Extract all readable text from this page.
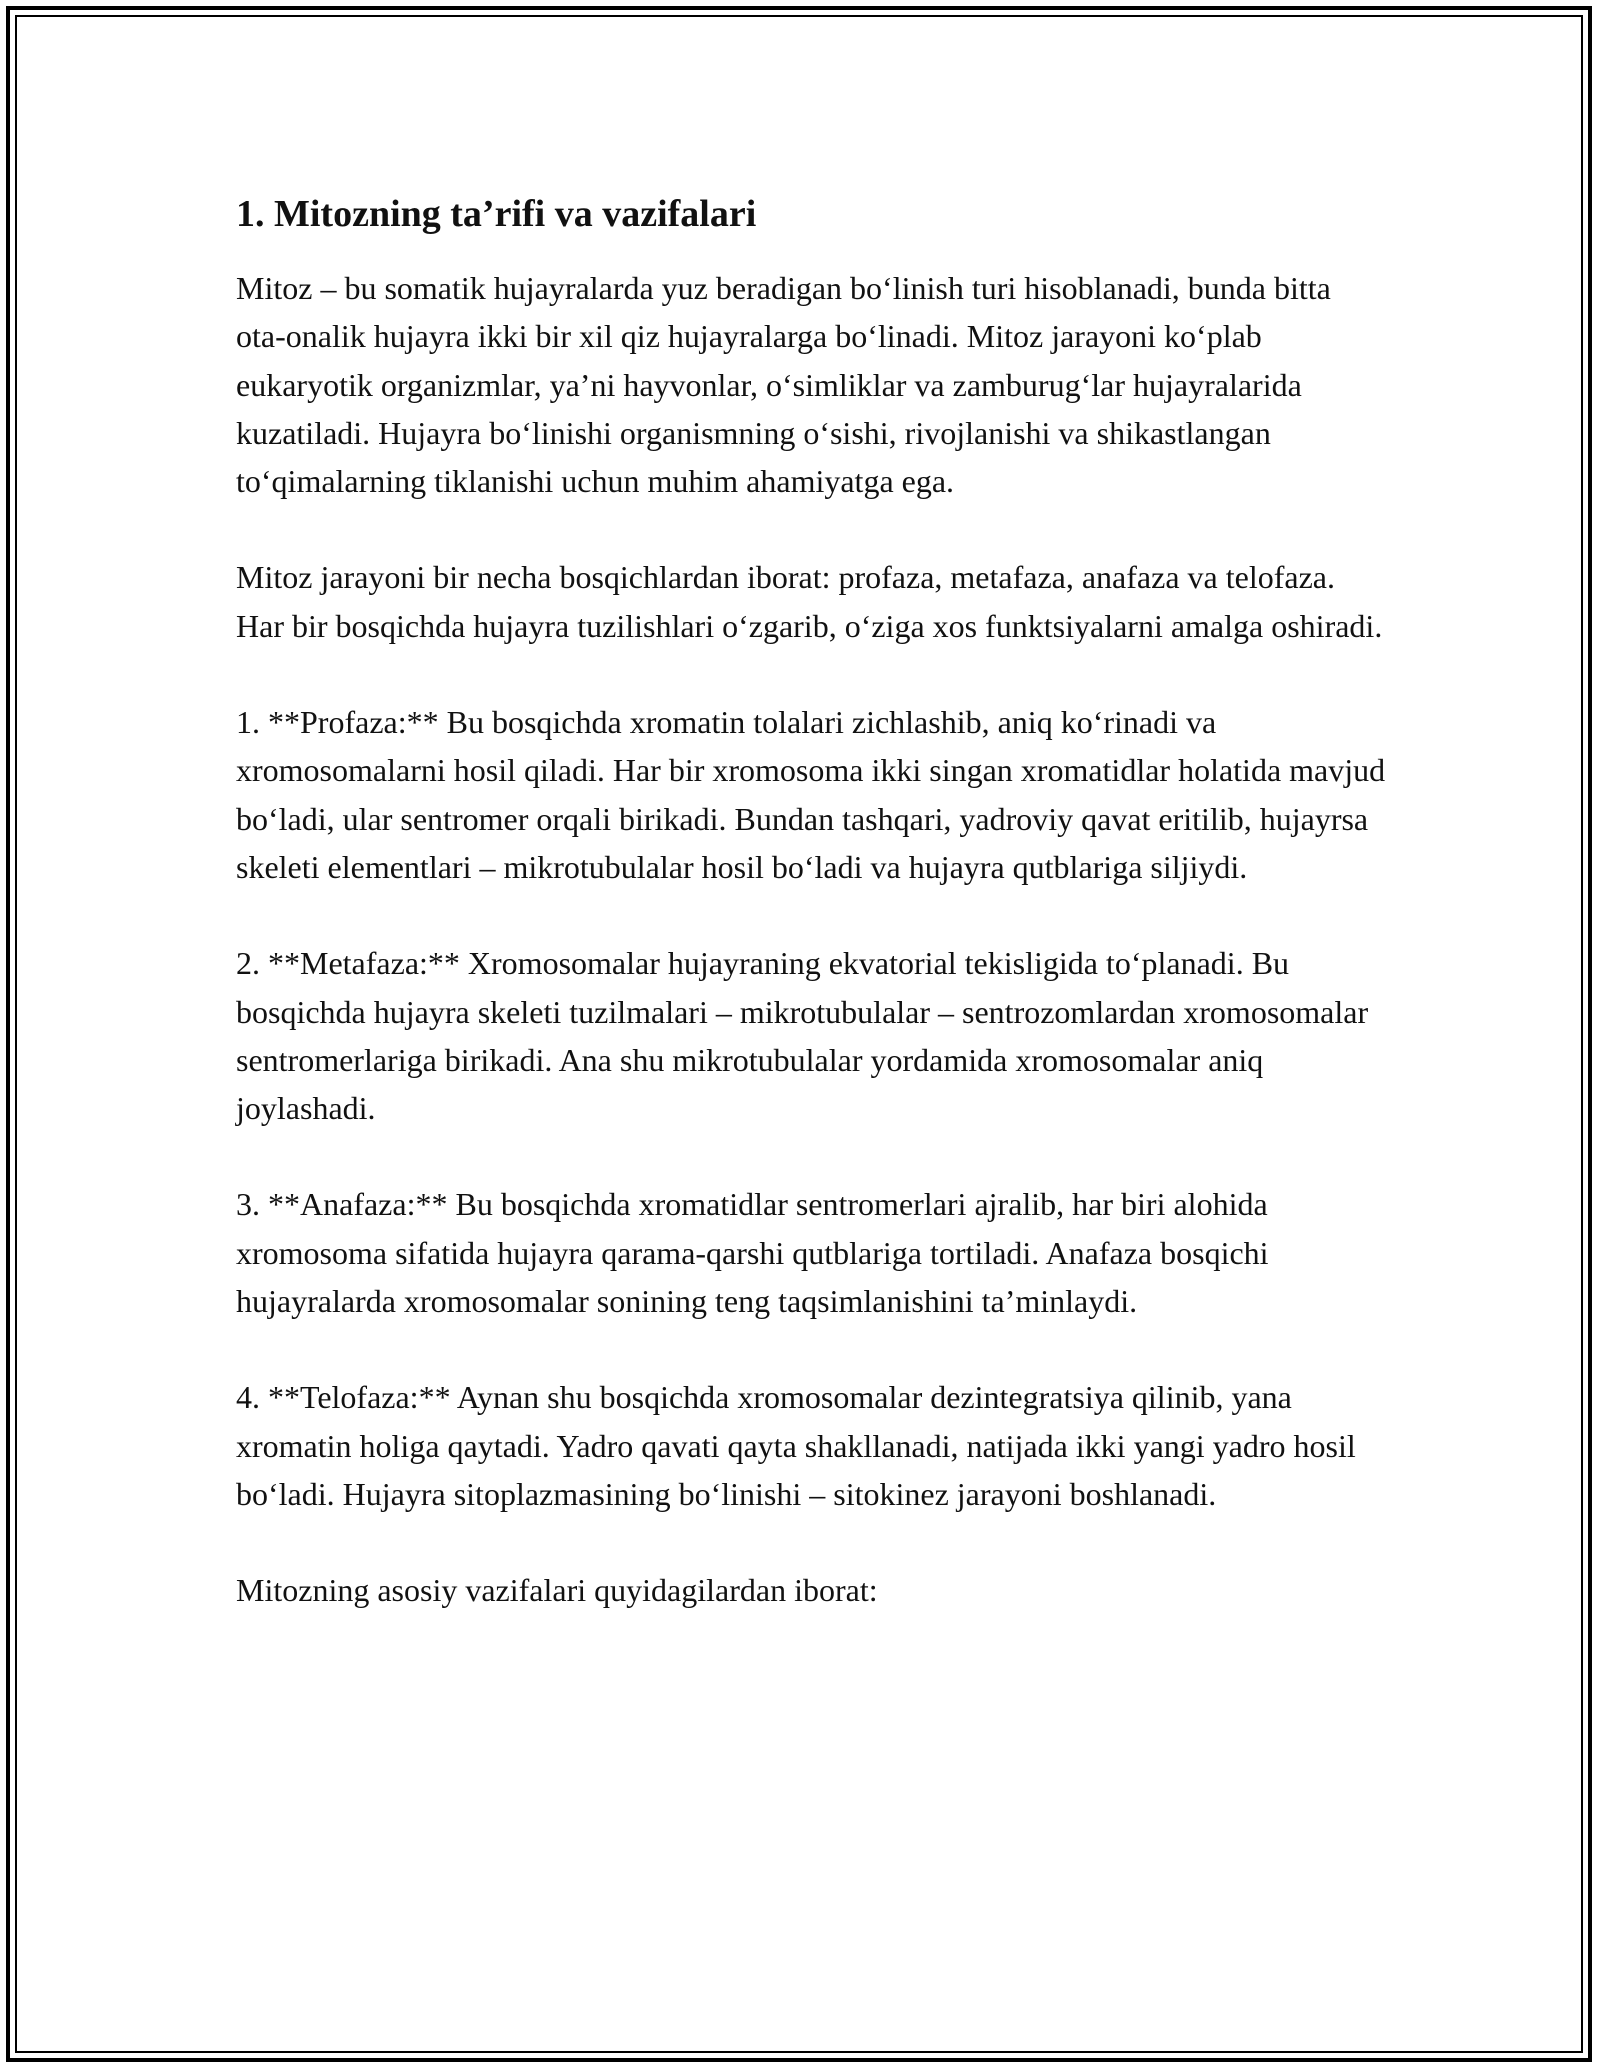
1. Mitozning ta’rifi va vazifalari

Mitoz – bu somatik hujayralarda yuz beradigan bo‘linish turi hisoblanadi, bunda bitta ota-onalik hujayra ikki bir xil qiz hujayralarga bo‘linadi. Mitoz jarayoni ko‘plab eukaryotik organizmlar, ya’ni hayvonlar, o‘simliklar va zamburug‘lar hujayralarida kuzatiladi. Hujayra bo‘linishi organismning o‘sishi, rivojlanishi va shikastlangan to‘qimalarning tiklanishi uchun muhim ahamiyatga ega.

Mitoz jarayoni bir necha bosqichlardan iborat: profaza, metafaza, anafaza va telofaza. Har bir bosqichda hujayra tuzilishlari o‘zgarib, o‘ziga xos funktsiyalarni amalga oshiradi.

1. **Profaza:** Bu bosqichda xromatin tolalari zichlashib, aniq ko‘rinadi va xromosomalarni hosil qiladi. Har bir xromosoma ikki singan xromatidlar holatida mavjud bo‘ladi, ular sentromer orqali birikadi. Bundan tashqari, yadroviy qavat eritilib, hujayrsa skeleti elementlari – mikrotubulalar hosil bo‘ladi va hujayra qutblariga siljiydi.

2. **Metafaza:** Xromosomalar hujayraning ekvatorial tekisligida to‘planadi. Bu bosqichda hujayra skeleti tuzilmalari – mikrotubulalar – sentrozomlardan xromosomalar sentromerlariga birikadi. Ana shu mikrotubulalar yordamida xromosomalar aniq joylashadi.

3. **Anafaza:** Bu bosqichda xromatidlar sentromerlari ajralib, har biri alohida xromosoma sifatida hujayra qarama-qarshi qutblariga tortiladi. Anafaza bosqichi hujayralarda xromosomalar sonining teng taqsimlanishini ta’minlaydi.

4. **Telofaza:** Aynan shu bosqichda xromosomalar dezintegratsiya qilinib, yana xromatin holiga qaytadi. Yadro qavati qayta shakllanadi, natijada ikki yangi yadro hosil bo‘ladi. Hujayra sitoplazmasining bo‘linishi – sitokinez jarayoni boshlanadi.

Mitozning asosiy vazifalari quyidagilardan iborat:
